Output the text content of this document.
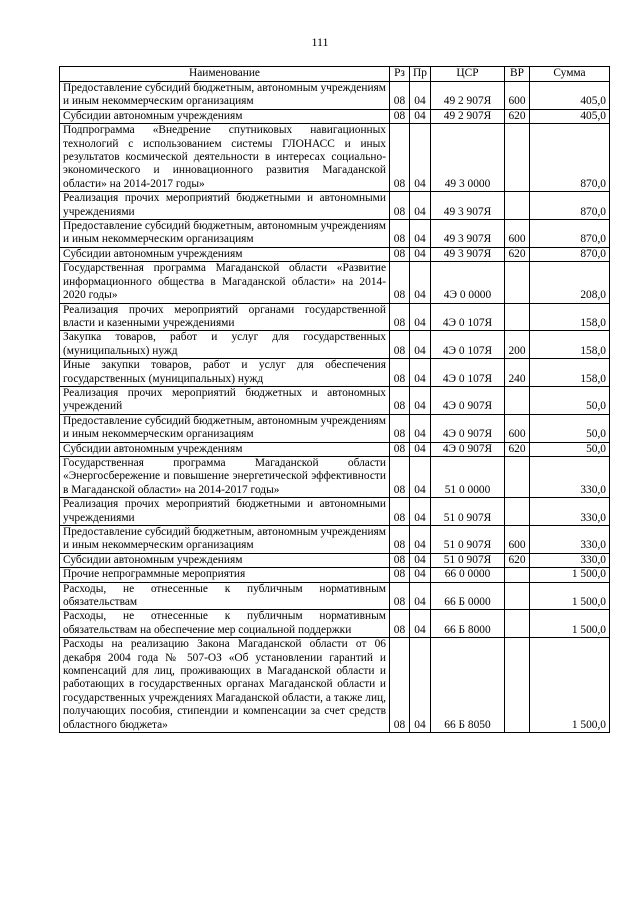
111
Наименование	Рз	Пр	ЦСР	ВР	Сумма
Предоставление субсидий бюджетным, автономным учреждениям и иным некоммерческим организациям	08	04	49 2 907Я	600	405,0
Субсидии автономным учреждениям	08	04	49 2 907Я	620	405,0
Подпрограмма «Внедрение спутниковых навигационных технологий с использованием системы ГЛОНАСС и иных результатов космической деятельности в интересах социально-экономического и инновационного развития Магаданской области» на 2014-2017 годы»	08	04	49 3 0000		870,0
Реализация прочих мероприятий бюджетными и автономными учреждениями	08	04	49 3 907Я		870,0
Предоставление субсидий бюджетным, автономным учреждениям и иным некоммерческим организациям	08	04	49 3 907Я	600	870,0
Субсидии автономным учреждениям	08	04	49 3 907Я	620	870,0
Государственная программа Магаданской области «Развитие информационного общества в Магаданской области» на 2014-2020 годы»	08	04	4Э 0 0000		208,0
Реализация прочих мероприятий органами государственной власти и казенными учреждениями	08	04	4Э 0 107Я		158,0
Закупка товаров, работ и услуг для государственных (муниципальных) нужд	08	04	4Э 0 107Я	200	158,0
Иные закупки товаров, работ и услуг для обеспечения государственных (муниципальных) нужд	08	04	4Э 0 107Я	240	158,0
Реализация прочих мероприятий бюджетных и автономных учреждений	08	04	4Э 0 907Я		50,0
Предоставление субсидий бюджетным, автономным учреждениям и иным некоммерческим организациям	08	04	4Э 0 907Я	600	50,0
Субсидии автономным учреждениям	08	04	4Э 0 907Я	620	50,0
Государственная программа Магаданской области «Энергосбережение и повышение энергетической эффективности в Магаданской области» на 2014-2017 годы»	08	04	51 0 0000		330,0
Реализация прочих мероприятий бюджетными и автономными учреждениями	08	04	51 0 907Я		330,0
Предоставление субсидий бюджетным, автономным учреждениям и иным некоммерческим организациям	08	04	51 0 907Я	600	330,0
Субсидии автономным учреждениям	08	04	51 0 907Я	620	330,0
Прочие непрограммные мероприятия	08	04	66 0 0000		1 500,0
Расходы, не отнесенные к публичным нормативным обязательствам	08	04	66 Б 0000		1 500,0
Расходы, не отнесенные к публичным нормативным обязательствам на обеспечение мер социальной поддержки	08	04	66 Б 8000		1 500,0
Расходы на реализацию Закона Магаданской области от 06 декабря 2004 года № 507-ОЗ «Об установлении гарантий и компенсаций для лиц, проживающих в Магаданской области и работающих в государственных органах Магаданской области и государственных учреждениях Магаданской области, а также лиц, получающих пособия, стипендии и компенсации за счет средств областного бюджета»	08	04	66 Б 8050		1 500,0
